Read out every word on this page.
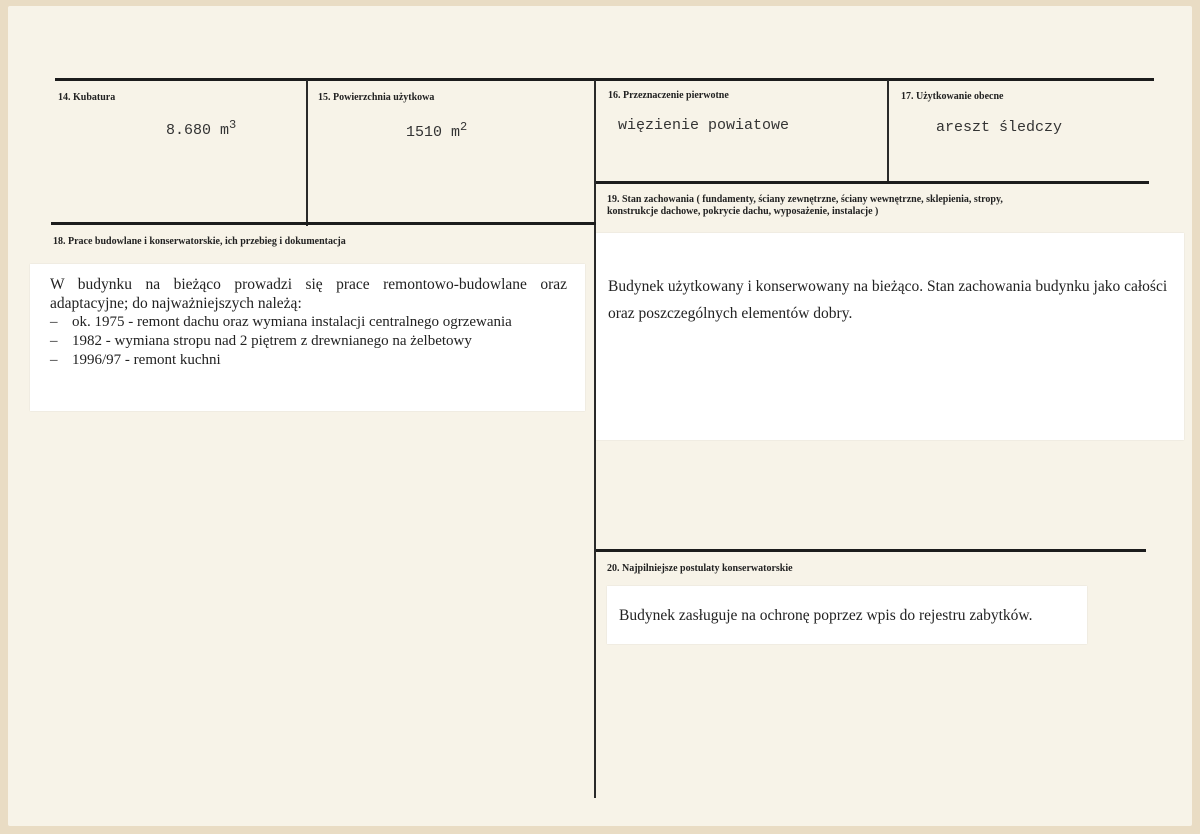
14. Kubatura
8.680 $m^3$
15. Powierzchnia użytkowa
1510 $m^2$
16. Przeznaczenie pierwotne
więzienie powiatowe
17. Użytkowanie obecne
areszt śledczy
18. Prace budowlane i konserwatorskie, ich przebieg i dokumentacja
W budynku na bieżąco prowadzi się prace remontowo-budowlane oraz adaptacyjne; do najważniejszych należą:
– ok. 1975 - remont dachu oraz wymiana instalacji centralnego ogrzewania
– 1982 - wymiana stropu nad 2 piętrem z drewnianego na żelbetowy
– 1996/97 - remont kuchni
19. Stan zachowania ( fundamenty, ściany zewnętrzne, ściany wewnętrzne, sklepienia, stropy,
konstrukcje dachowe, pokrycie dachu, wyposażenie, instalacje )
Budynek użytkowany i konserwowany na bieżąco. Stan zachowania budynku jako całości oraz poszczególnych elementów dobry.
20. Najpilniejsze postulaty konserwatorskie
Budynek zasługuje na ochronę poprzez wpis do rejestru zabytków.
